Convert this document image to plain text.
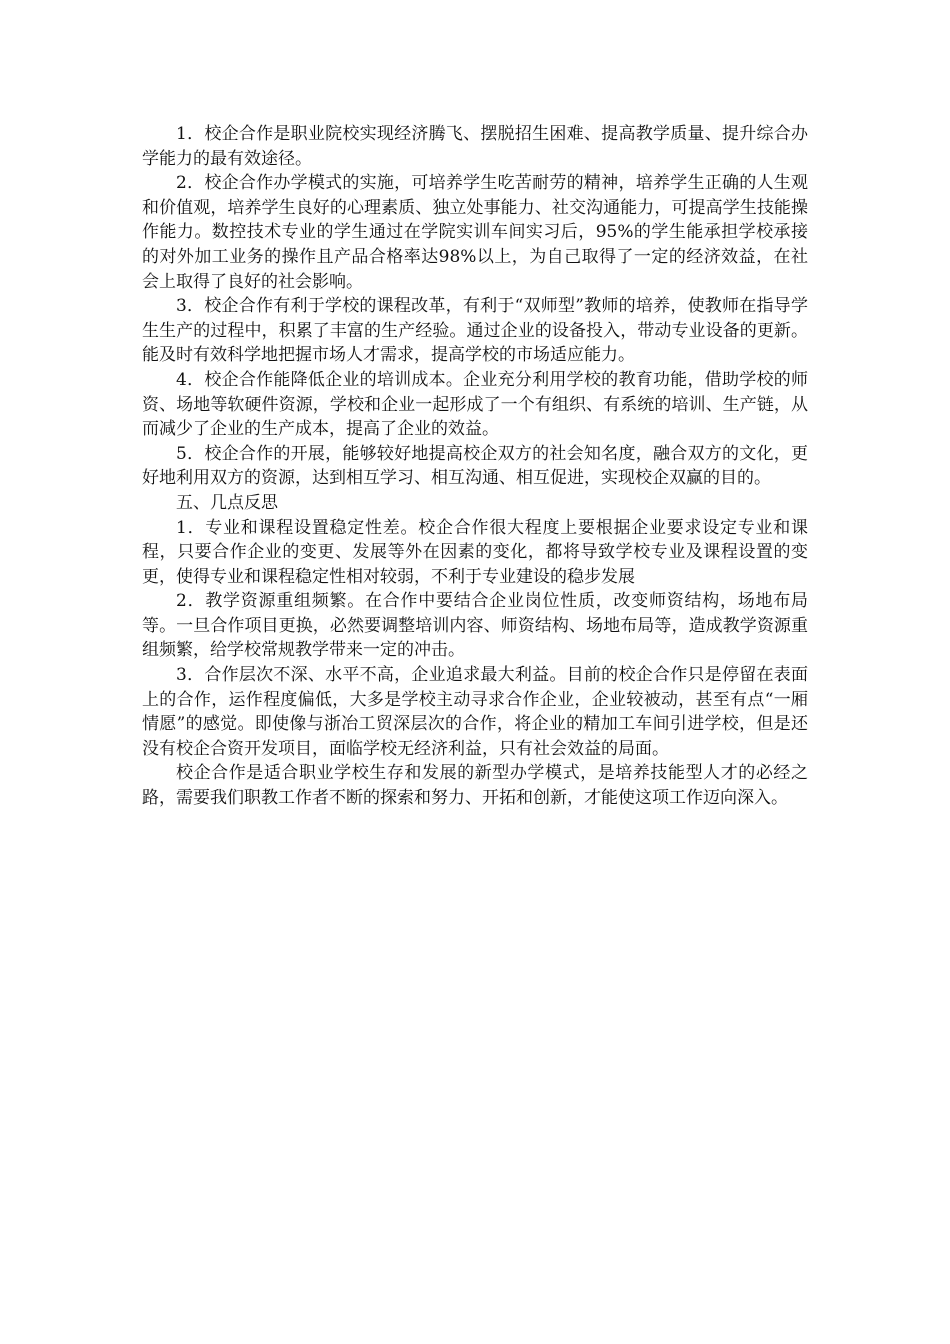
1．校企合作是职业院校实现经济腾飞、摆脱招生困难、提高教学质量、提升综合办学能力的最有效途径。

2．校企合作办学模式的实施，可培养学生吃苦耐劳的精神，培养学生正确的人生观和价值观，培养学生良好的心理素质、独立处事能力、社交沟通能力，可提高学生技能操作能力。数控技术专业的学生通过在学院实训车间实习后，95%的学生能承担学校承接的对外加工业务的操作且产品合格率达98%以上，为自己取得了一定的经济效益，在社会上取得了良好的社会影响。

3．校企合作有利于学校的课程改革，有利于“双师型”教师的培养，使教师在指导学生生产的过程中，积累了丰富的生产经验。通过企业的设备投入，带动专业设备的更新。能及时有效科学地把握市场人才需求，提高学校的市场适应能力。

4．校企合作能降低企业的培训成本。企业充分利用学校的教育功能，借助学校的师资、场地等软硬件资源，学校和企业一起形成了一个有组织、有系统的培训、生产链，从而减少了企业的生产成本，提高了企业的效益。

5．校企合作的开展，能够较好地提高校企双方的社会知名度，融合双方的文化，更好地利用双方的资源，达到相互学习、相互沟通、相互促进，实现校企双赢的目的。

五、几点反思

1．专业和课程设置稳定性差。校企合作很大程度上要根据企业要求设定专业和课程，只要合作企业的变更、发展等外在因素的变化，都将导致学校专业及课程设置的变更，使得专业和课程稳定性相对较弱，不利于专业建设的稳步发展

2．教学资源重组频繁。在合作中要结合企业岗位性质，改变师资结构，场地布局等。一旦合作项目更换，必然要调整培训内容、师资结构、场地布局等，造成教学资源重组频繁，给学校常规教学带来一定的冲击。

3．合作层次不深、水平不高，企业追求最大利益。目前的校企合作只是停留在表面上的合作，运作程度偏低，大多是学校主动寻求合作企业，企业较被动，甚至有点“一厢情愿”的感觉。即使像与浙冶工贸深层次的合作，将企业的精加工车间引进学校，但是还没有校企合资开发项目，面临学校无经济利益，只有社会效益的局面。

校企合作是适合职业学校生存和发展的新型办学模式，是培养技能型人才的必经之路，需要我们职教工作者不断的探索和努力、开拓和创新，才能使这项工作迈向深入。
